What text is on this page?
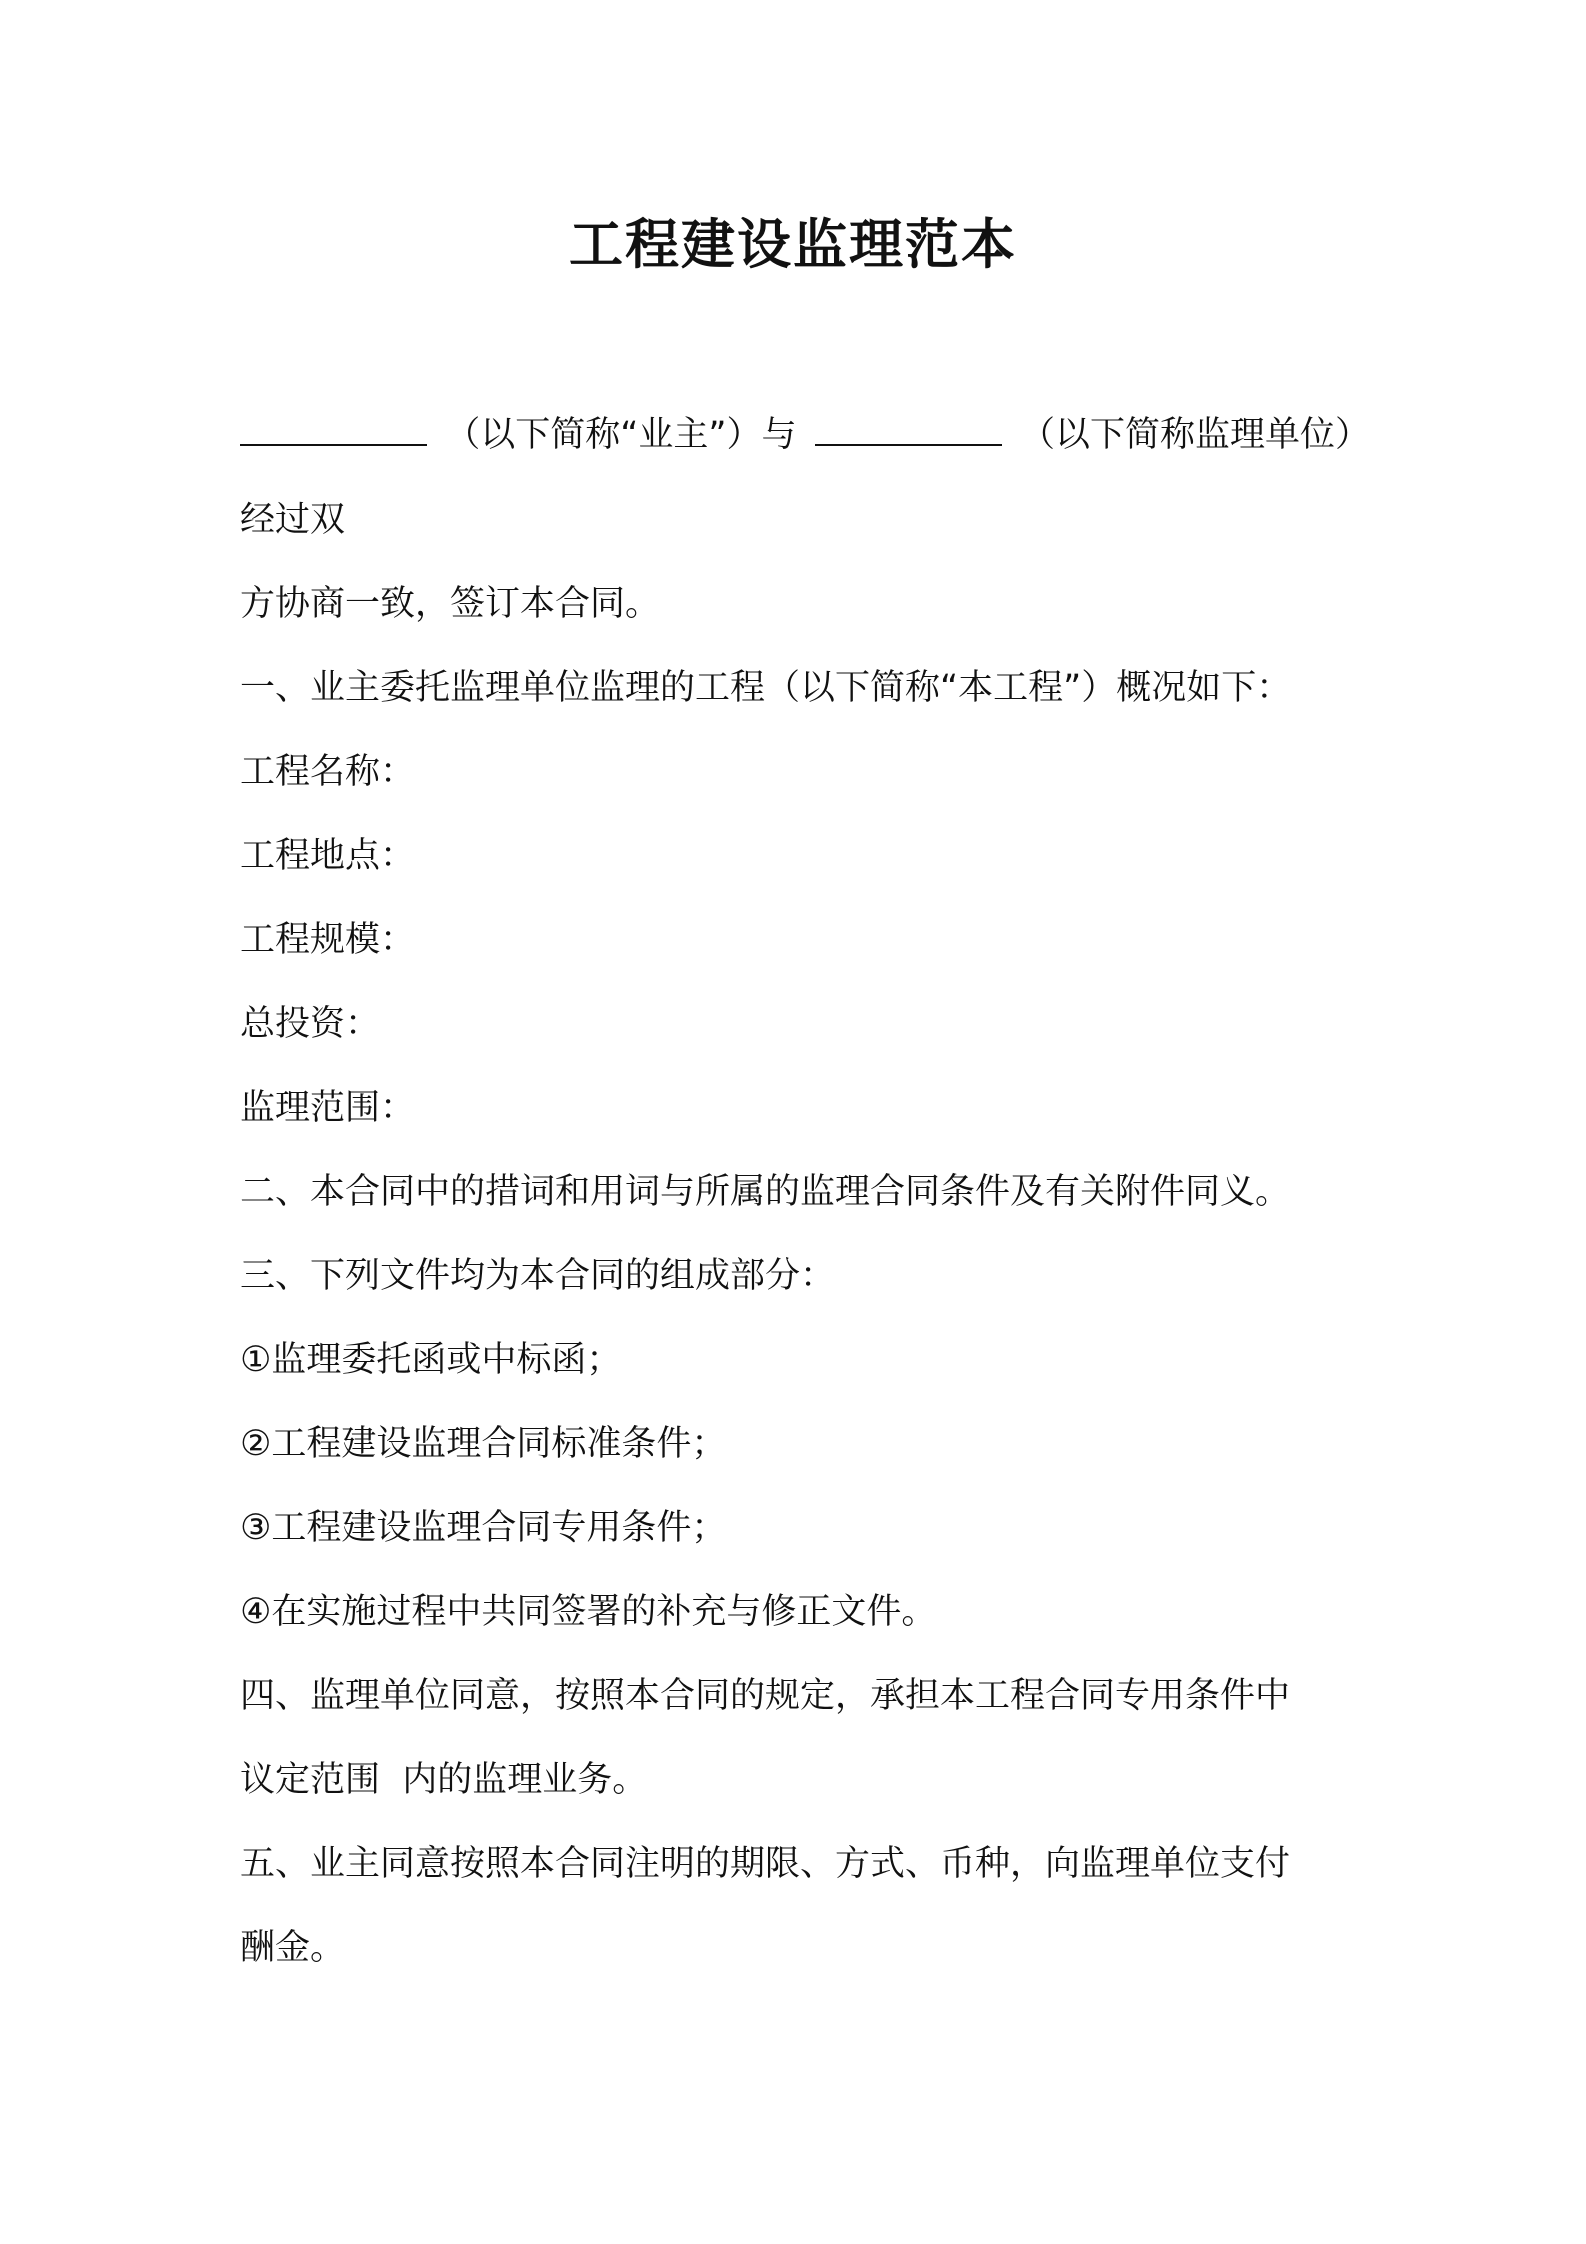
工程建设监理范本
（以下简称“业主”）与	（以下简称监理单位）
经过双
方协商一致，签订本合同。
一、业主委托监理单位监理的工程（以下简称“本工程”）概况如下：
工程名称：
工程地点：
工程规模：
总投资：
监理范围：
二、本合同中的措词和用词与所属的监理合同条件及有关附件同义。
三、下列文件均为本合同的组成部分：
①监理委托函或中标函；
②工程建设监理合同标准条件；
③工程建设监理合同专用条件；
④在实施过程中共同签署的补充与修正文件。
四、监理单位同意，按照本合同的规定，承担本工程合同专用条件中
议定范围  内的监理业务。
五、业主同意按照本合同注明的期限、方式、币种，向监理单位支付
酬金。
